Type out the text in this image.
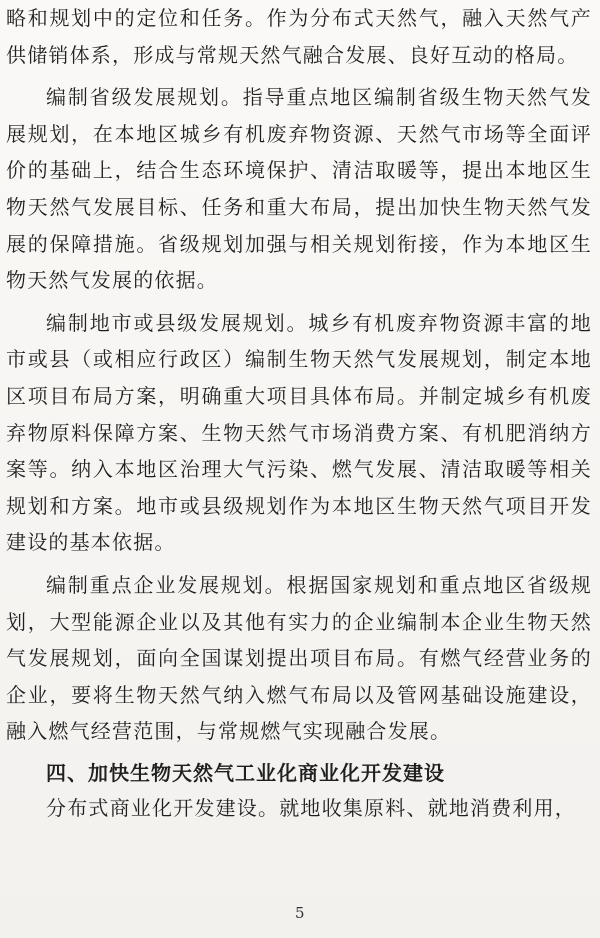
略和规划中的定位和任务。作为分布式天然气，融入天然气产供储销体系，形成与常规天然气融合发展、良好互动的格局。

编制省级发展规划。指导重点地区编制省级生物天然气发展规划，在本地区城乡有机废弃物资源、天然气市场等全面评价的基础上，结合生态环境保护、清洁取暖等，提出本地区生物天然气发展目标、任务和重大布局，提出加快生物天然气发展的保障措施。省级规划加强与相关规划衔接，作为本地区生物天然气发展的依据。

编制地市或县级发展规划。城乡有机废弃物资源丰富的地市或县（或相应行政区）编制生物天然气发展规划，制定本地区项目布局方案，明确重大项目具体布局。并制定城乡有机废弃物原料保障方案、生物天然气市场消费方案、有机肥消纳方案等。纳入本地区治理大气污染、燃气发展、清洁取暖等相关规划和方案。地市或县级规划作为本地区生物天然气项目开发建设的基本依据。

编制重点企业发展规划。根据国家规划和重点地区省级规划，大型能源企业以及其他有实力的企业编制本企业生物天然气发展规划，面向全国谋划提出项目布局。有燃气经营业务的企业，要将生物天然气纳入燃气布局以及管网基础设施建设，融入燃气经营范围，与常规燃气实现融合发展。

四、加快生物天然气工业化商业化开发建设

分布式商业化开发建设。就地收集原料、就地消费利用，

5
